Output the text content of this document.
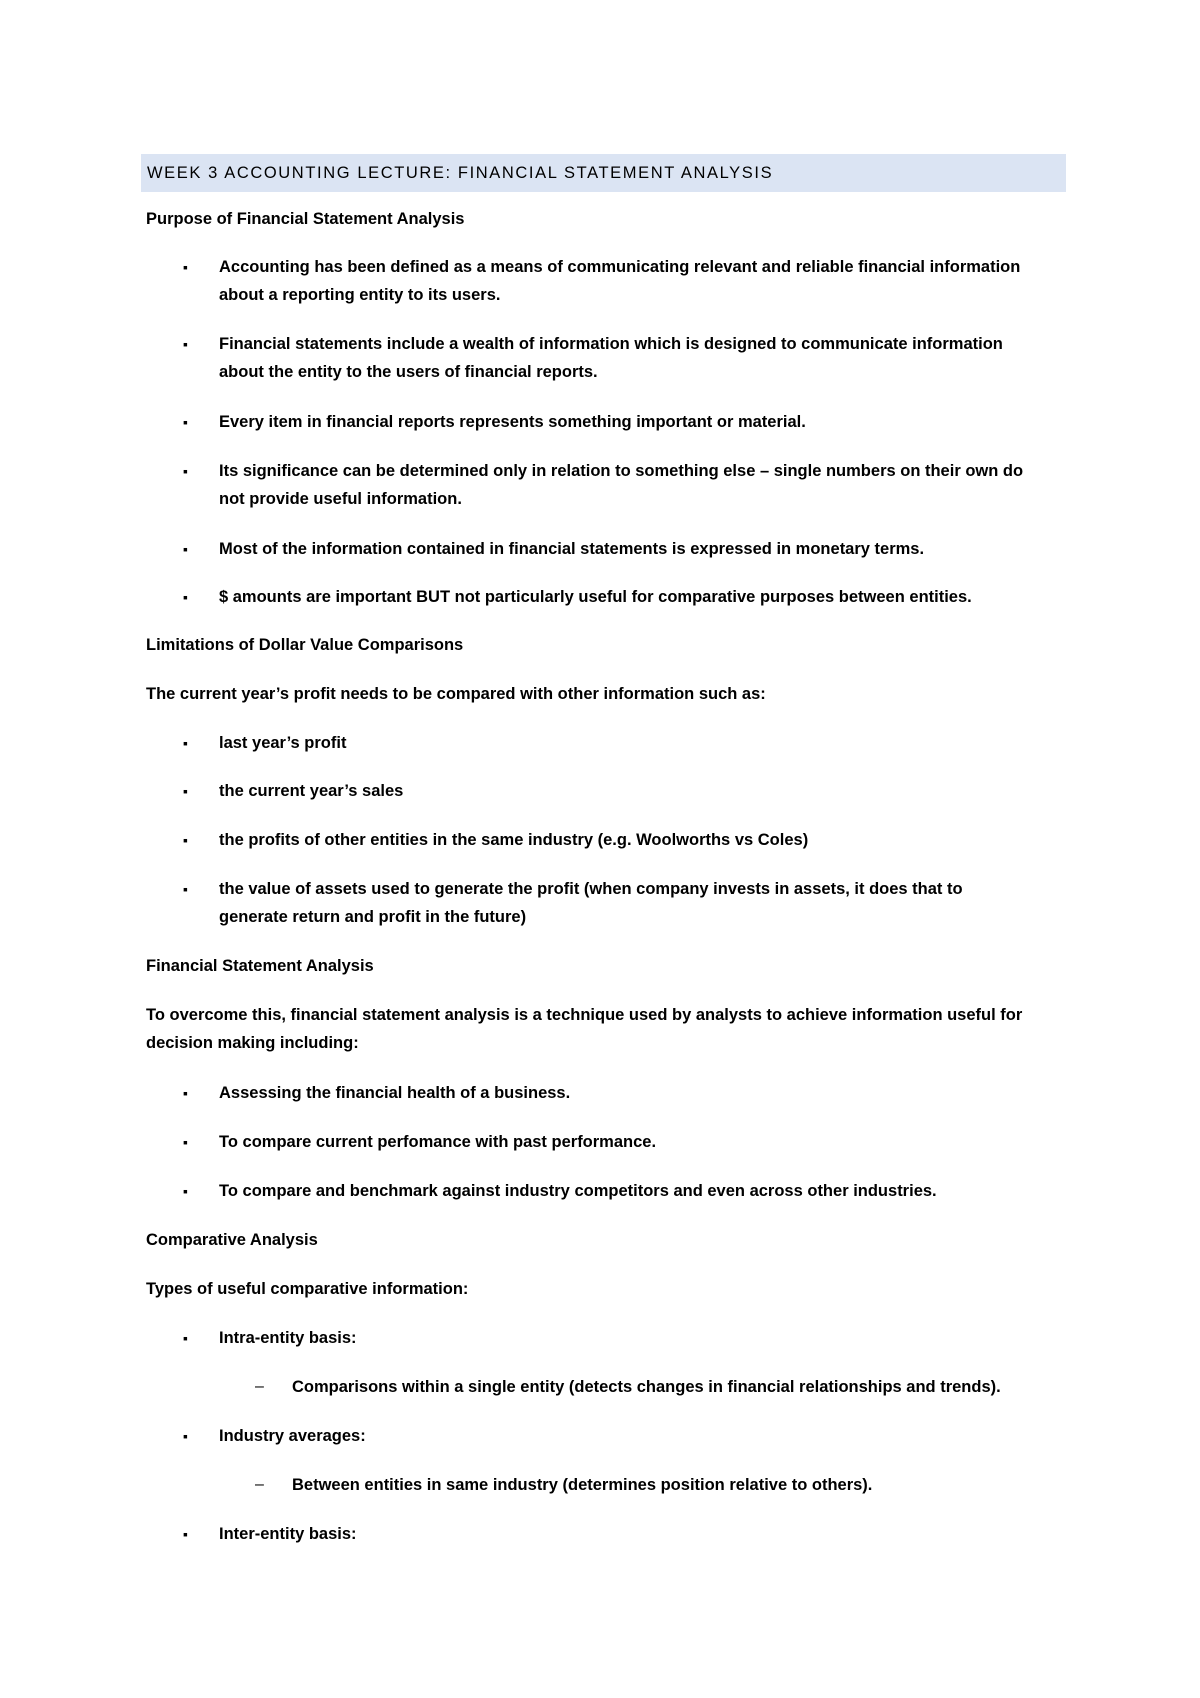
WEEK 3 ACCOUNTING LECTURE: FINANCIAL STATEMENT ANALYSIS
Purpose of Financial Statement Analysis
▪ Accounting has been defined as a means of communicating relevant and reliable financial information
about a reporting entity to its users.
▪ Financial statements include a wealth of information which is designed to communicate information
about the entity to the users of financial reports.
▪ Every item in financial reports represents something important or material.
▪ Its significance can be determined only in relation to something else – single numbers on their own do
not provide useful information.
▪ Most of the information contained in financial statements is expressed in monetary terms.
▪ $ amounts are important BUT not particularly useful for comparative purposes between entities.
Limitations of Dollar Value Comparisons
The current year’s profit needs to be compared with other information such as:
▪ last year’s profit
▪ the current year’s sales
▪ the profits of other entities in the same industry (e.g. Woolworths vs Coles)
▪ the value of assets used to generate the profit (when company invests in assets, it does that to
generate return and profit in the future)
Financial Statement Analysis
To overcome this, financial statement analysis is a technique used by analysts to achieve information useful for
decision making including:
▪ Assessing the financial health of a business.
▪ To compare current perfomance with past performance.
▪ To compare and benchmark against industry competitors and even across other industries.
Comparative Analysis
Types of useful comparative information:
▪ Intra-entity basis:
– Comparisons within a single entity (detects changes in financial relationships and trends).
▪ Industry averages:
– Between entities in same industry (determines position relative to others).
▪ Inter-entity basis:
